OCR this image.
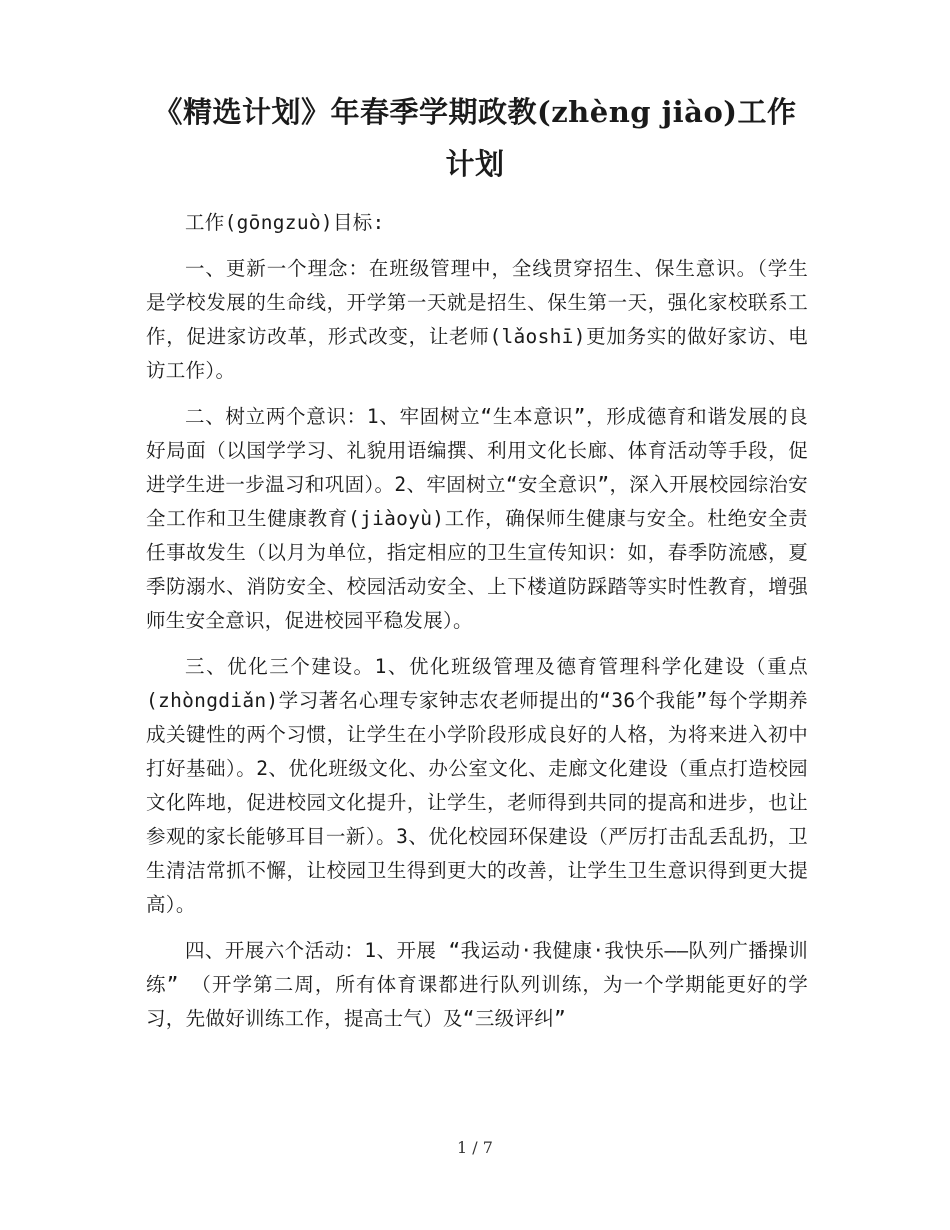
《精选计划》年春季学期政教(zhèng jiào)工作计划

工作(gōngzuò)目标:

一、更新一个理念：在班级管理中，全线贯穿招生、保生意识。（学生是学校发展的生命线，开学第一天就是招生、保生第一天，强化家校联系工作，促进家访改革，形式改变，让老师(lǎoshī)更加务实的做好家访、电访工作）。

二、树立两个意识：1、牢固树立“生本意识”，形成德育和谐发展的良好局面（以国学学习、礼貌用语编撰、利用文化长廊、体育活动等手段，促进学生进一步温习和巩固）。2、牢固树立“安全意识”，深入开展校园综治安全工作和卫生健康教育(jiàoyù)工作，确保师生健康与安全。杜绝安全责任事故发生（以月为单位，指定相应的卫生宣传知识：如，春季防流感，夏季防溺水、消防安全、校园活动安全、上下楼道防踩踏等实时性教育，增强师生安全意识，促进校园平稳发展）。

三、优化三个建设。1、优化班级管理及德育管理科学化建设（重点(zhòngdiǎn)学习著名心理专家钟志农老师提出的“36个我能”每个学期养成关键性的两个习惯，让学生在小学阶段形成良好的人格，为将来进入初中打好基础）。2、优化班级文化、办公室文化、走廊文化建设（重点打造校园文化阵地，促进校园文化提升，让学生，老师得到共同的提高和进步，也让参观的家长能够耳目一新）。3、优化校园环保建设（严厉打击乱丢乱扔，卫生清洁常抓不懈，让校园卫生得到更大的改善，让学生卫生意识得到更大提高）。

四、开展六个活动：1、开展 “我运动·我健康·我快乐——队列广播操训练” （开学第二周，所有体育课都进行队列训练，为一个学期能更好的学习，先做好训练工作，提高士气）及“三级评纠”

1 / 7
